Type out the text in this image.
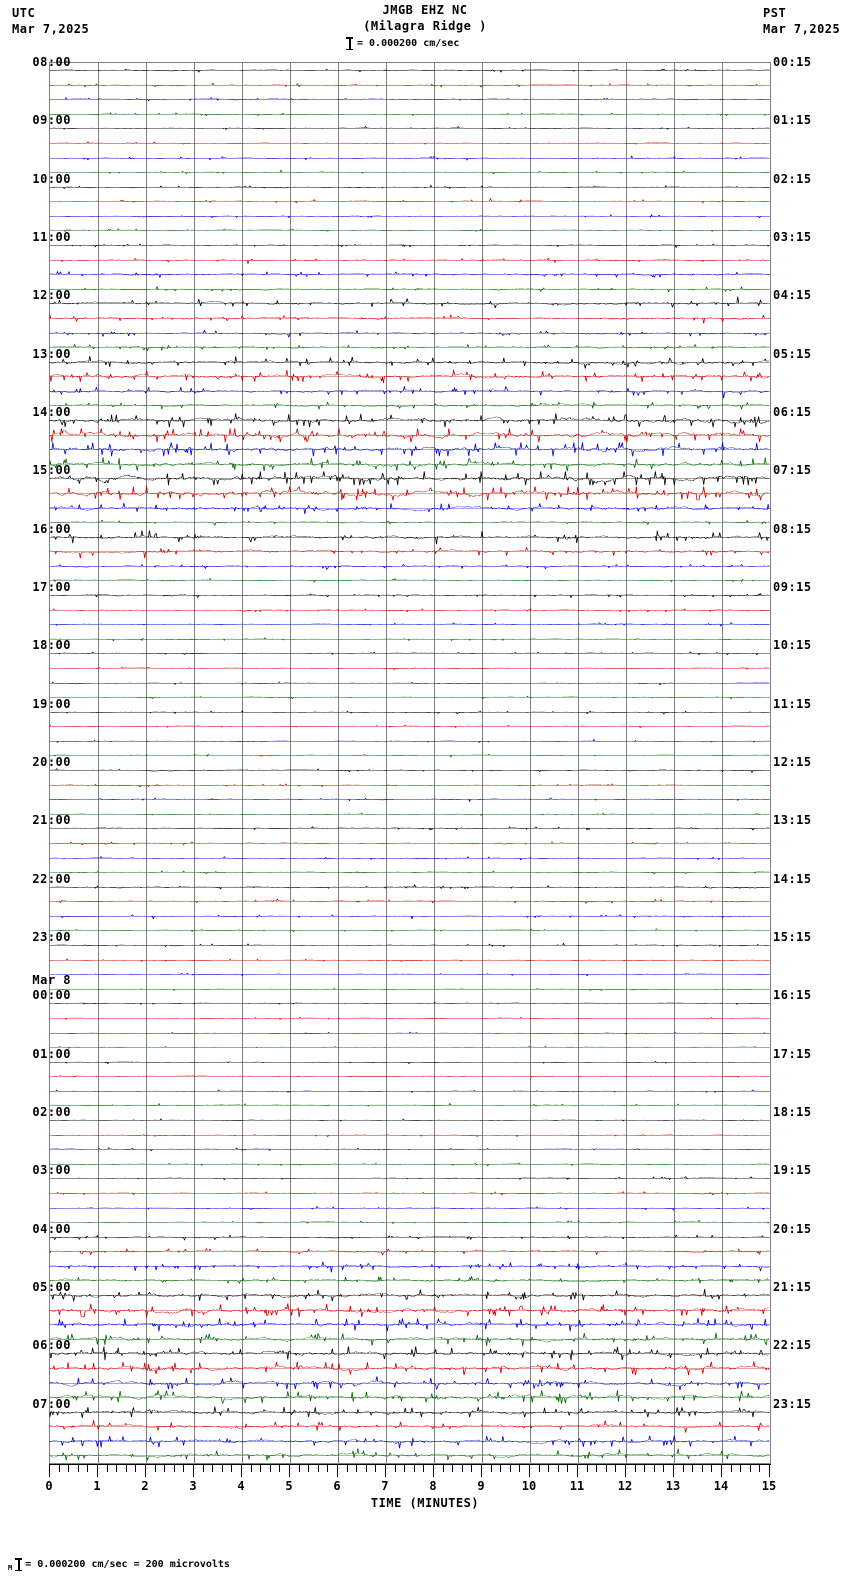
UTC
Mar 7,2025
JMGB EHZ NC
(Milagra Ridge )
PST
Mar 7,2025
= 0.000200 cm/sec
08:00
09:00
10:00
11:00
12:00
13:00
14:00
15:00
16:00
17:00
18:00
19:00
20:00
21:00
22:00
23:00
00:00
01:00
02:00
03:00
04:00
05:00
06:00
07:00
00:15
01:15
02:15
03:15
04:15
05:15
06:15
07:15
08:15
09:15
10:15
11:15
12:15
13:15
14:15
15:15
16:15
17:15
18:15
19:15
20:15
21:15
22:15
23:15
Mar 8
0	1	2	3	4	5	6	7	8	9	10	11	12	13	14	15
TIME (MINUTES)
M = 0.000200 cm/sec = 200 microvolts
